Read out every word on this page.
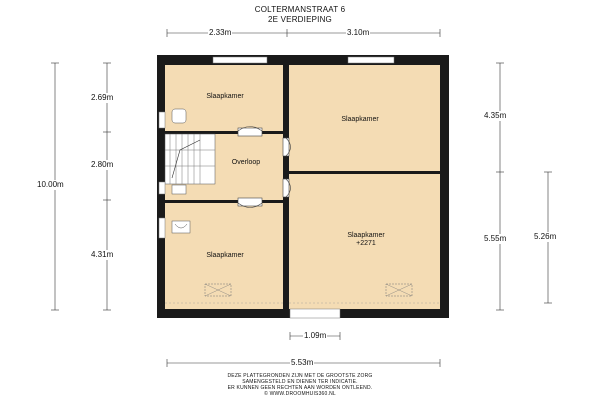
COLTERMANSTRAAT 6
2E VERDIEPING
2.33m	3.10m
2.69m
2.80m
4.31m
10.00m
4.35m
5.55m	5.26m
1.09m
5.53m
Slaapkamer
Slaapkamer
Overloop
Slaapkamer
Slaapkamer
+2271
DEZE PLATTEGRONDEN ZIJN MET DE GROOTSTE ZORG
SAMENGESTELD EN DIENEN TER INDICATIE.
ER KUNNEN GEEN RECHTEN AAN WORDEN ONTLEEND.
© WWW.DROOMHUIS360.NL
